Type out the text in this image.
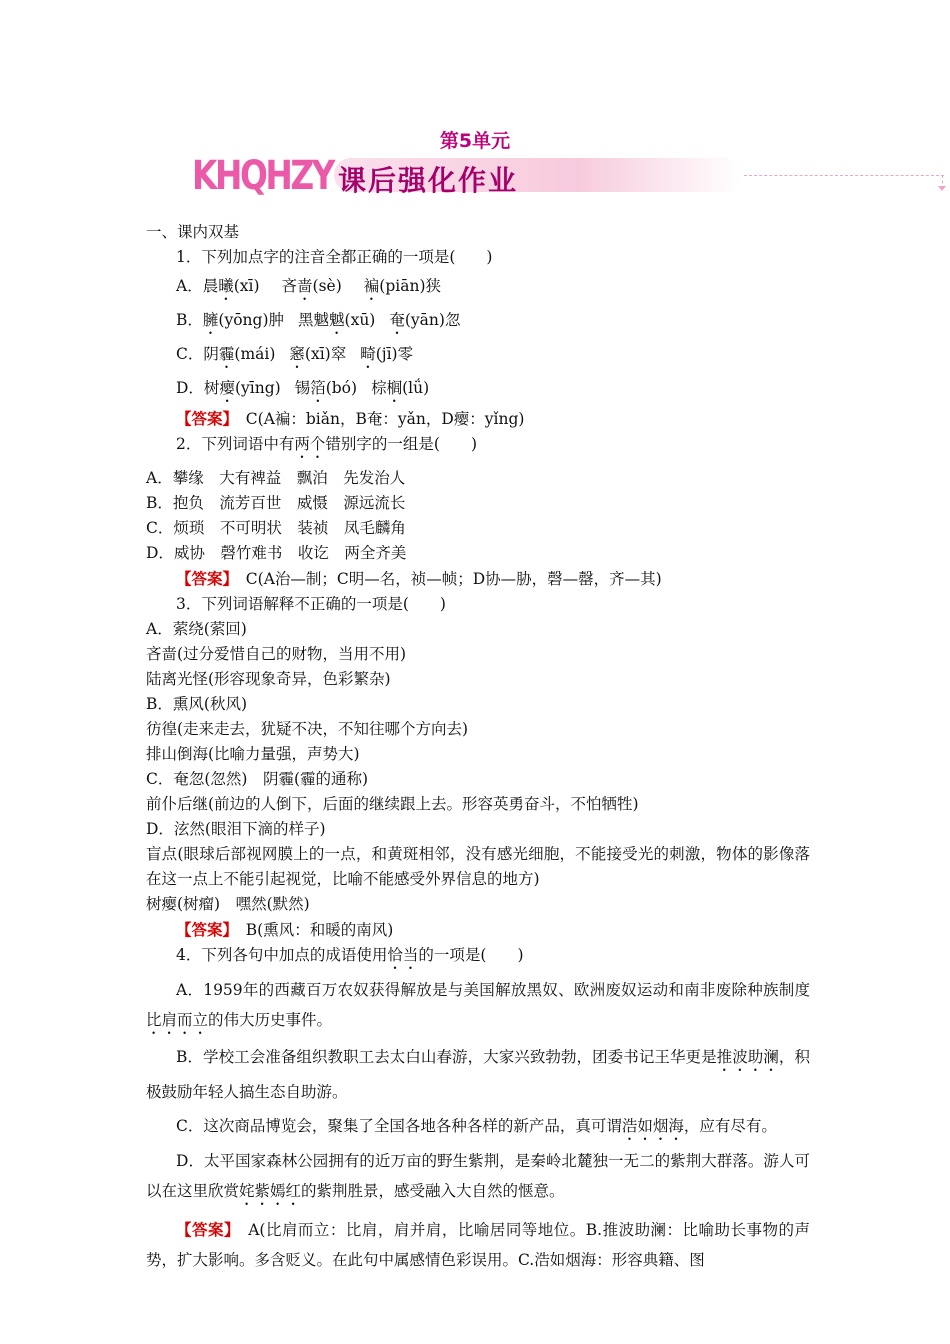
第5单元
KHQHZY 课后强化作业
一、课内双基
1．下列加点字的注音全都正确的一项是(　　)
A．晨曦(xī) 吝啬(sè) 褊(piān)狭
B．臃(yōng)肿 黑魆魆(xū) 奄(yān)忽
C．阴霾(mái) 窸(xī)窣 畸(jī)零
D．树瘿(yīng) 锡箔(bó) 棕榈(lǘ)
【答案】　 C(A褊：biǎn，B奄：yǎn，D瘿：yǐng)
2．下列词语中有两个错别字的一组是(　　)
A．攀缘　大有裨益　飘泊　先发治人
B．抱负　流芳百世　威慑　源远流长
C．烦琐　不可明状　装祯　凤毛麟角
D．威协　磬竹难书　收讫　两全齐美
【答案】　 C(A治—制；C明—名，祯—帧；D协—胁，磬—罄，齐—其)
3．下列词语解释不正确的一项是(　　)
A．萦绕(萦回)
吝啬(过分爱惜自己的财物，当用不用)
陆离光怪(形容现象奇异，色彩繁杂)
B．熏风(秋风)
彷徨(走来走去，犹疑不决，不知往哪个方向去)
排山倒海(比喻力量强，声势大)
C．奄忽(忽然)　阴霾(霾的通称)
前仆后继(前边的人倒下，后面的继续跟上去。形容英勇奋斗，不怕牺牲)
D．泫然(眼泪下滴的样子)
盲点(眼球后部视网膜上的一点，和黄斑相邻，没有感光细胞，不能接受光的刺激，物体的影像落在这一点上不能引起视觉，比喻不能感受外界信息的地方)
树瘿(树瘤)　嘿然(默然)
【答案】　 B(熏风：和暖的南风)
4．下列各句中加点的成语使用恰当的一项是(　　)
A．1959年的西藏百万农奴获得解放是与美国解放黑奴、欧洲废奴运动和南非废除种族制度比肩而立的伟大历史事件。
B．学校工会准备组织教职工去太白山春游，大家兴致勃勃，团委书记王华更是推波助澜，积极鼓励年轻人搞生态自助游。
C．这次商品博览会，聚集了全国各地各种各样的新产品，真可谓浩如烟海，应有尽有。
D．太平国家森林公园拥有的近万亩的野生紫荆，是秦岭北麓独一无二的紫荆大群落。游人可以在这里欣赏姹紫嫣红的紫荆胜景，感受融入大自然的惬意。
【答案】　 A(比肩而立：比肩，肩并肩，比喻居同等地位。B.推波助澜：比喻助长事物的声势，扩大影响。多含贬义。在此句中属感情色彩误用。C.浩如烟海：形容典籍、图
